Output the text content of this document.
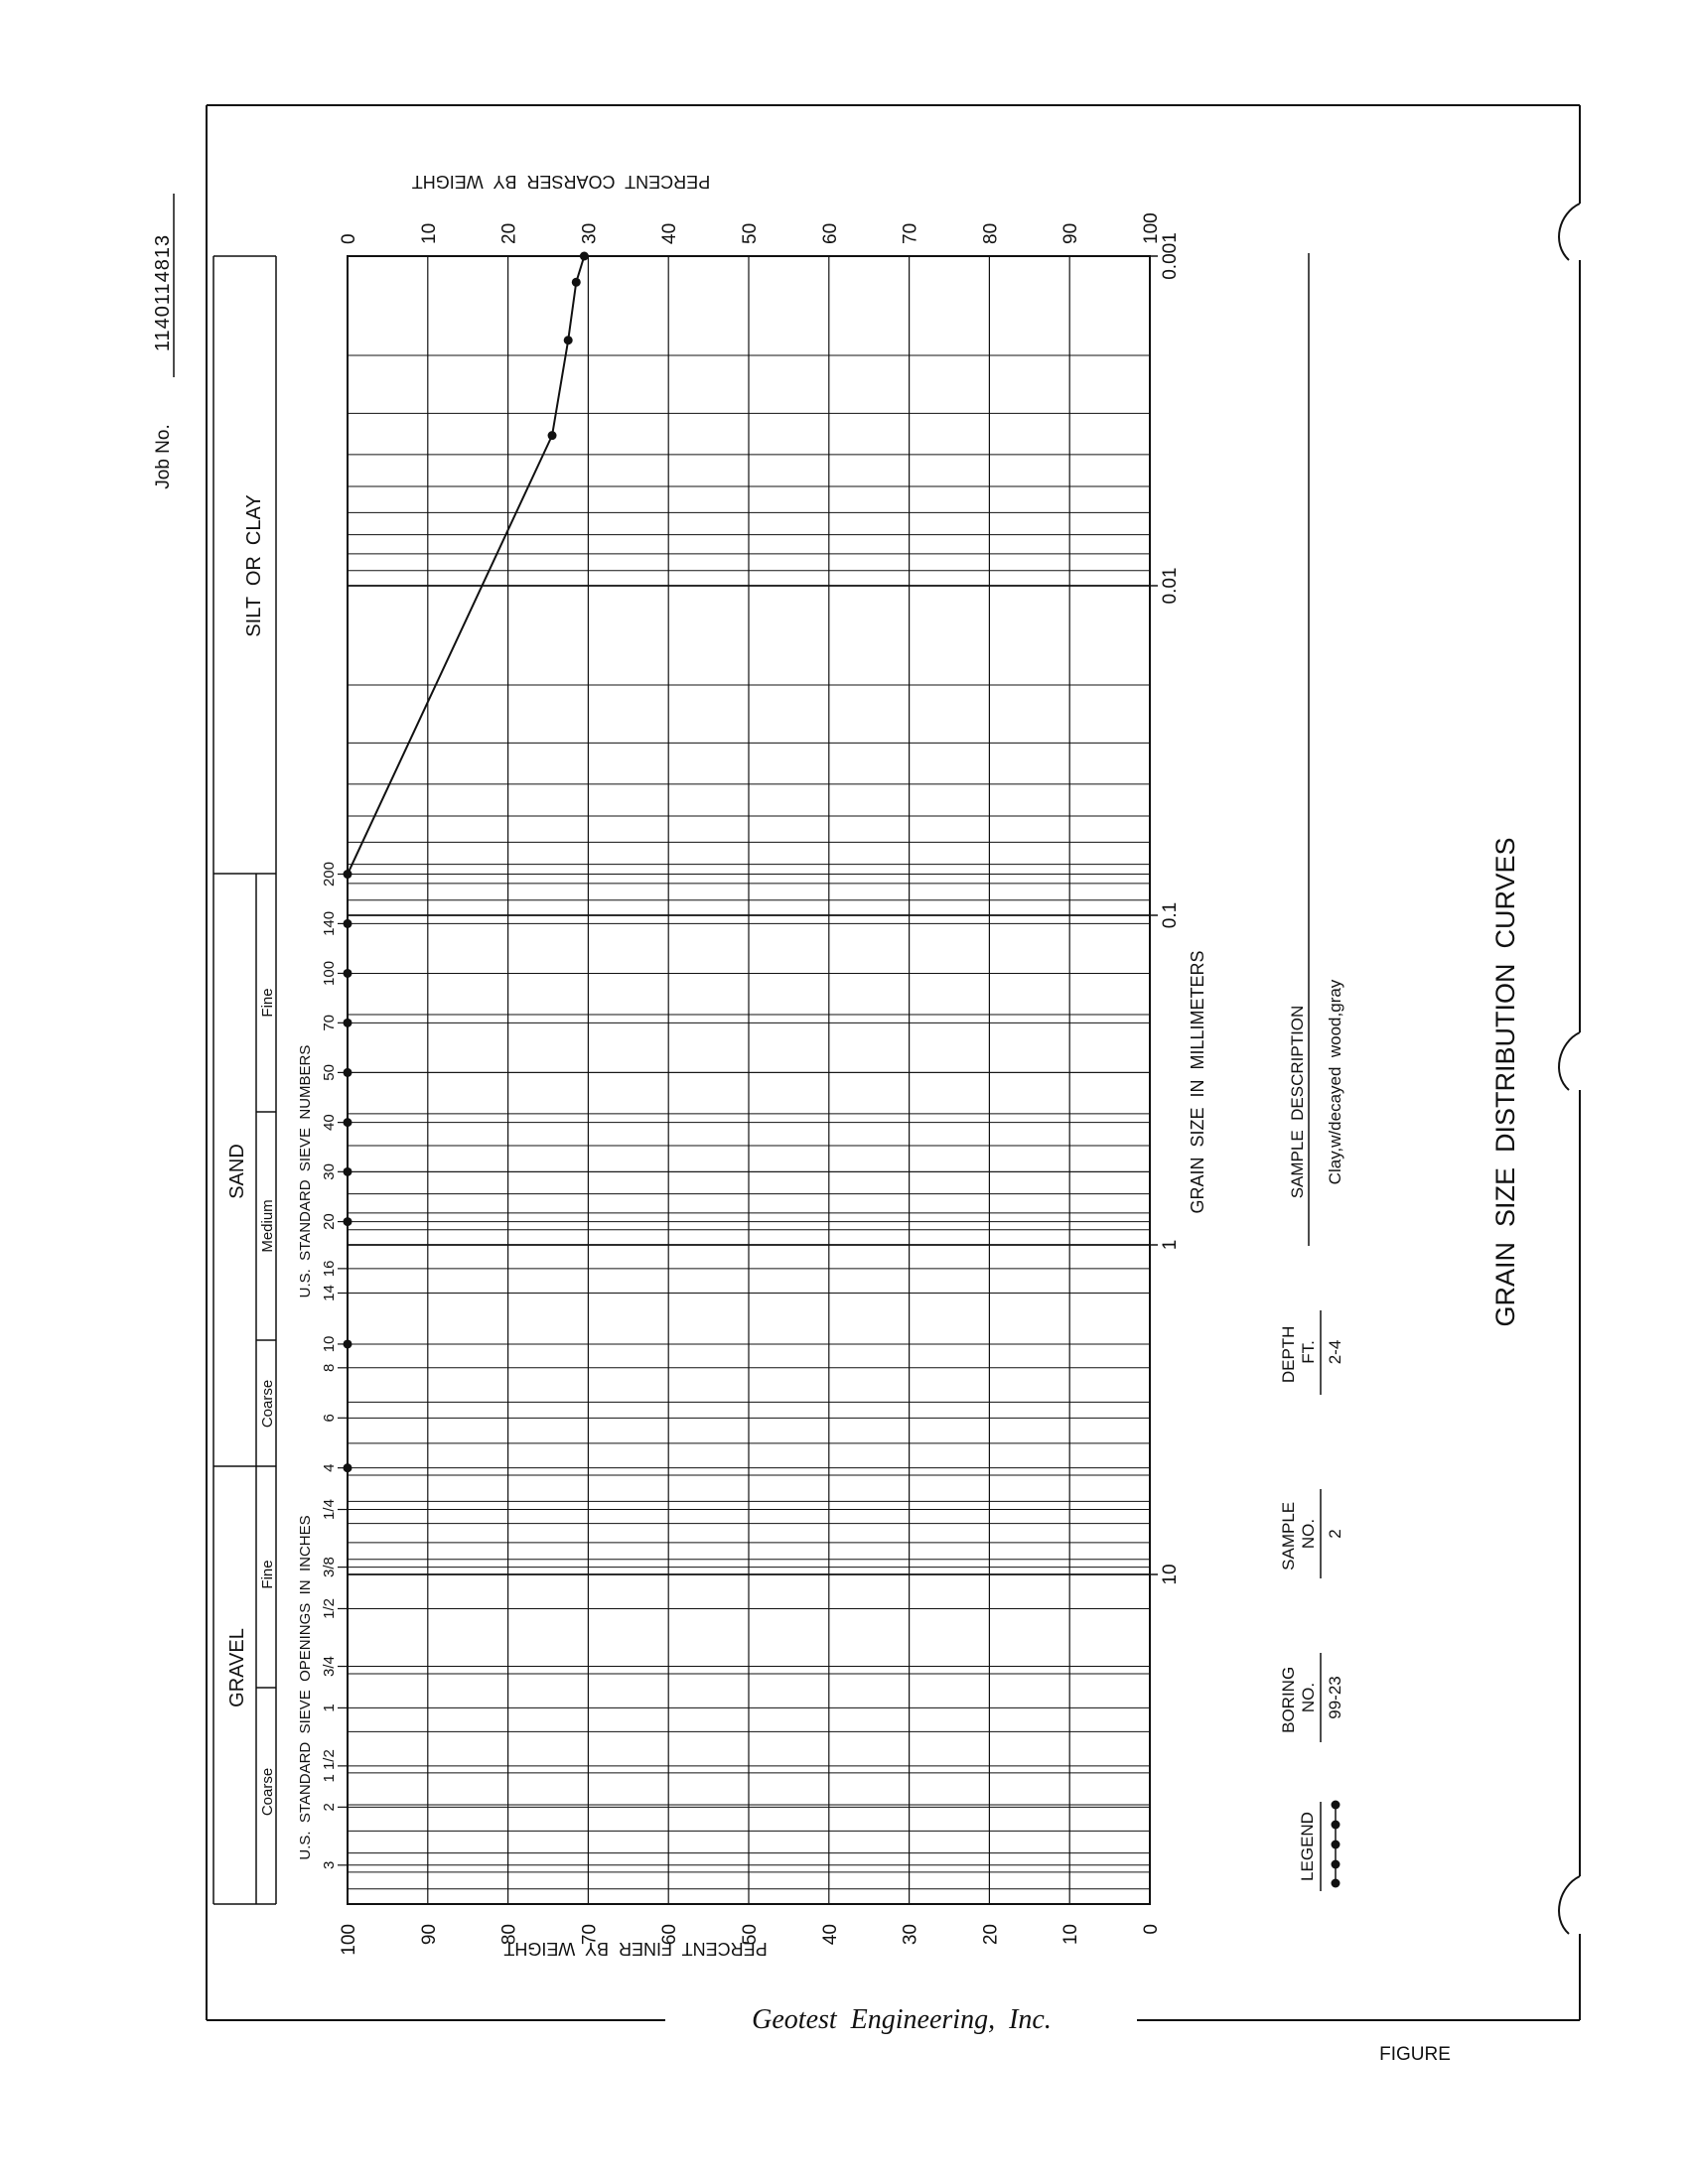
0
10
20
30
40
50
60
70
80
90
100
100
90
80
70
60
50
40
30
20
10
0	0.001
0.01
0.1
1
10
200
140
100
70
50
40
30
20
16
14
10
8
6
4
1/4
3/8
1/2
3/4
1
1 1/2
2
3
SILT  OR  CLAY
SAND
GRAVEL
Fine
Medium
Coarse
Fine
Coarse
U.S.  STANDARD  SIEVE  NUMBERS
U.S.  STANDARD  SIEVE  OPENINGS  IN  INCHES
PERCENT  COARSER  BY  WEIGHT
PERCENT  FINER  BY  WEIGHT
GRAIN  SIZE  IN  MILLIMETERS	GRAIN  SIZE  DISTRIBUTION  CURVES
Job No.
1140114813
LEGEND
BORING NO. 99-23
SAMPLE NO. 2
DEPTH FT. 2-4
SAMPLE  DESCRIPTION Clay,w/decayed  wood,gray
Geotest  Engineering,  Inc.
FIGURE
